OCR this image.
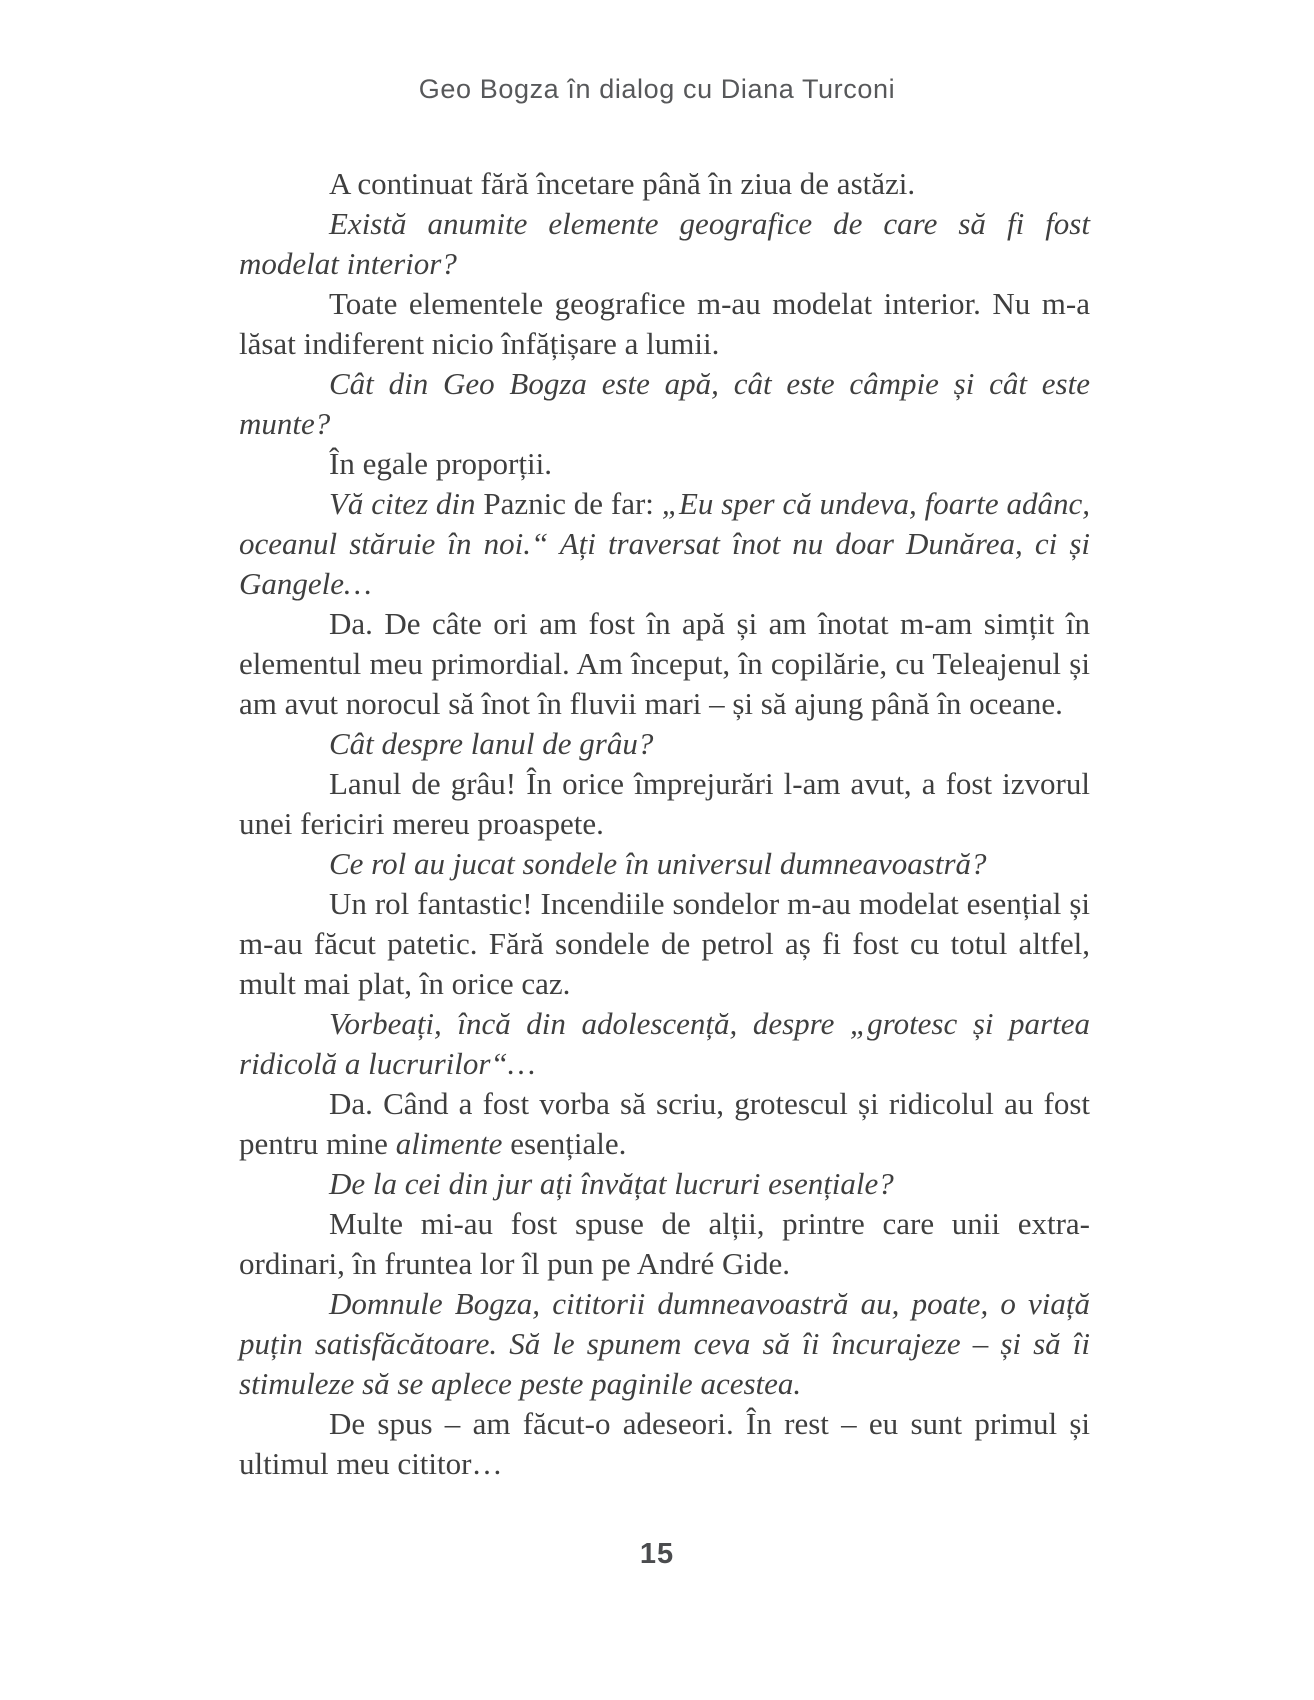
Geo Bogza în dialog cu Diana Turconi

A continuat fără încetare până în ziua de astăzi.

Există anumite elemente geografice de care să fi fost modelat interior?

Toate elementele geografice m-au modelat interior. Nu m-a lăsat indiferent nicio înfățișare a lumii.

Cât din Geo Bogza este apă, cât este câmpie și cât este munte?

În egale proporții.

Vă citez din Paznic de far: „Eu sper că undeva, foarte adânc, oceanul stăruie în noi.“ Ați traversat înot nu doar Dunărea, ci și Gangele…

Da. De câte ori am fost în apă și am înotat m-am simțit în elementul meu primordial. Am început, în copilărie, cu Teleajenul și am avut norocul să înot în fluvii mari – și să ajung până în oceane.

Cât despre lanul de grâu?

Lanul de grâu! În orice împrejurări l-am avut, a fost izvorul unei fericiri mereu proaspete.

Ce rol au jucat sondele în universul dumneavoastră?

Un rol fantastic! Incendiile sondelor m-au modelat esențial și m-au făcut patetic. Fără sondele de petrol aș fi fost cu totul altfel, mult mai plat, în orice caz.

Vorbeați, încă din adolescență, despre „grotesc și partea ridicolă a lucrurilor“…

Da. Când a fost vorba să scriu, grotescul și ridicolul au fost pentru mine alimente esențiale.

De la cei din jur ați învățat lucruri esențiale?

Multe mi-au fost spuse de alții, printre care unii extraordinari, în fruntea lor îl pun pe André Gide.

Domnule Bogza, cititorii dumneavoastră au, poate, o viață puțin satisfăcătoare. Să le spunem ceva să îi încurajeze – și să îi stimuleze să se aplece peste paginile acestea.

De spus – am făcut-o adeseori. În rest – eu sunt primul și ultimul meu cititor…

15
